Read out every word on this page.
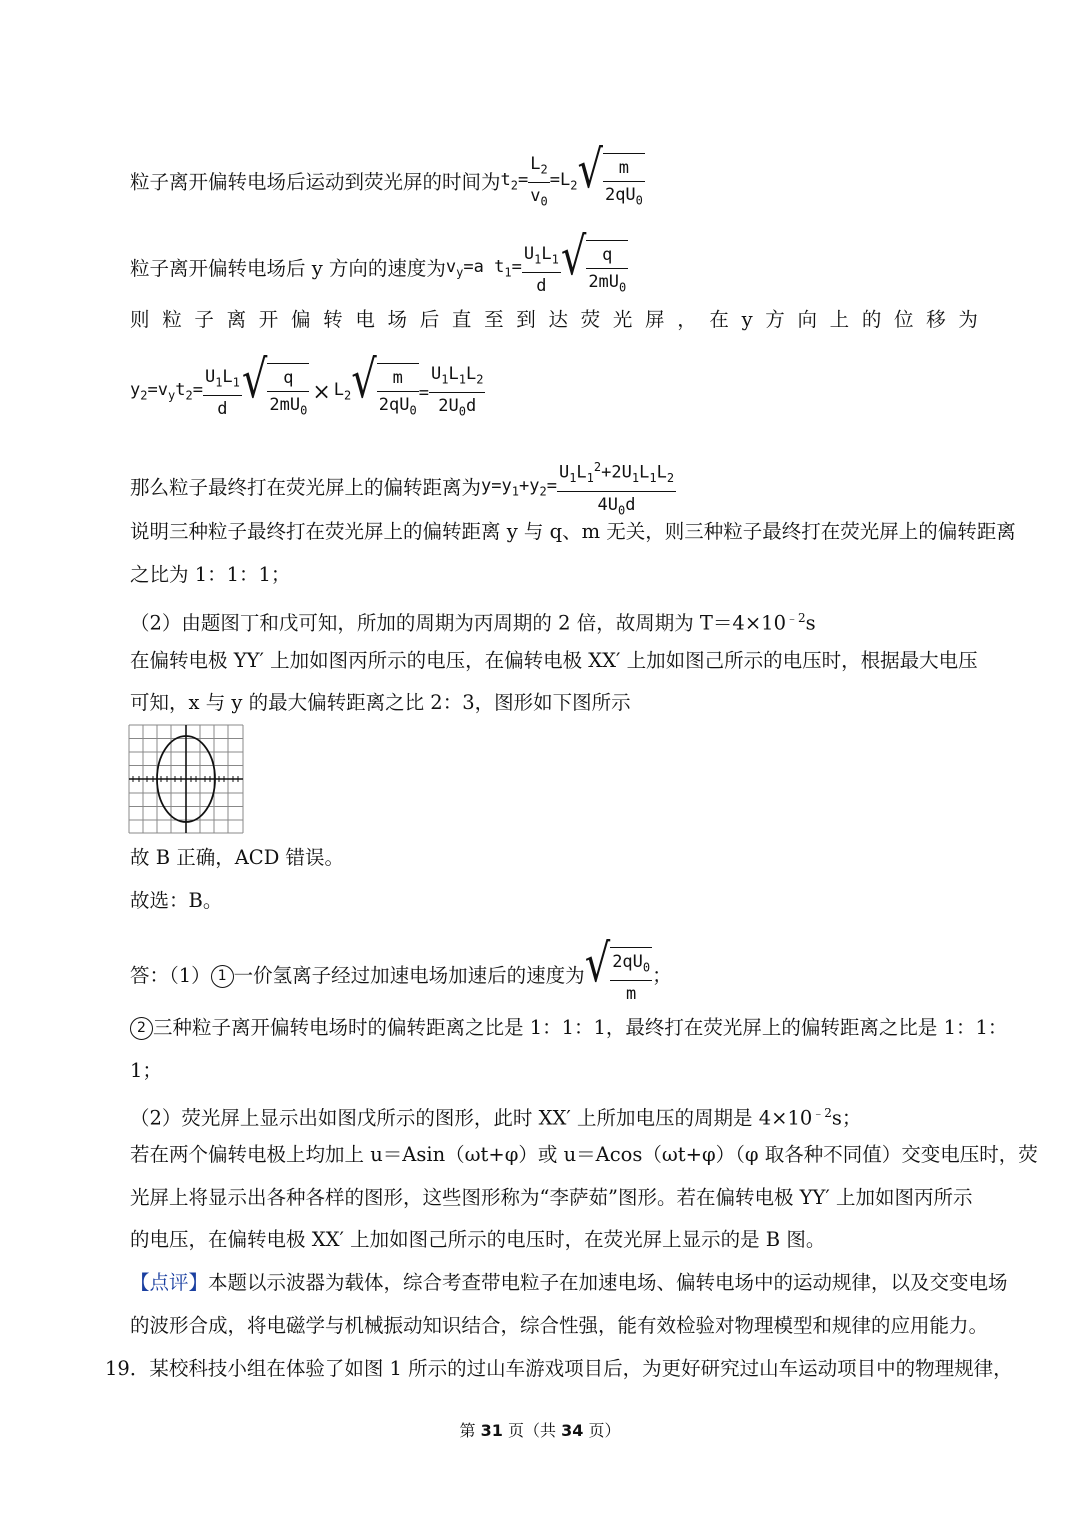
粒子离开偏转电场后运动到荧光屏的时间为$t_2= \frac{L_2}{v_0} =L_2$ √ $\frac{m}{2qU_0}$
粒子离开偏转电场后 y 方向的速度为$v_y=a$ $t_1= \frac{U_1L_1}{d}$ √ $\frac{q}{2mU_0}$
则 粒 子 离 开 偏 转 电 场 后 直 至 到 达 荧 光 屏 ， 在 y 方 向 上 的 位 移 为
$y_2=v_yt_2= \frac{U_1L_1}{d}$ √ $\frac{q}{2mU_0} \times L_2$ √ $\frac{m}{2qU_0} = \frac{U_1L_1L_2}{2U_0d}$
那么粒子最终打在荧光屏上的偏转距离为$y=y_1+y_2= \frac{U_1L_1^2+2U_1L_1L_2}{4U_0d}$
说明三种粒子最终打在荧光屏上的偏转距离 y 与 q、m 无关，则三种粒子最终打在荧光屏上的偏转距离
之比为 1：1：1；
（2）由题图丁和戊可知，所加的周期为丙周期的 2 倍，故周期为 $T=4\times 10^{﹣2}s$
在偏转电极 YY′ 上加如图丙所示的电压，在偏转电极 XX′ 上加如图己所示的电压时，根据最大电压
可知，x 与 y 的最大偏转距离之比 2：3，图形如下图所示
故 B 正确，ACD 错误。
故选：B。
答：（1） 1 一价氢离子经过加速电场加速后的速度为 √ $\frac{2qU_0}{m}$ ；
2 三种粒子离开偏转电场时的偏转距离之比是 1：1：1，最终打在荧光屏上的偏转距离之比是 1：1：
1；
（2）荧光屏上显示出如图戊所示的图形，此时 XX′ 上所加电压的周期是 $4\times 10^{﹣2}s$；
若在两个偏转电极上均加上 u＝Asin（ωt+φ）或 u＝Acos（ωt+φ）（φ 取各种不同值）交变电压时，荧
光屏上将显示出各种各样的图形，这些图形称为“李萨茹”图形。若在偏转电极 YY′ 上加如图丙所示
的电压，在偏转电极 XX′ 上加如图己所示的电压时，在荧光屏上显示的是 B 图。
【点评】本题以示波器为载体，综合考查带电粒子在加速电场、偏转电场中的运动规律，以及交变电场
的波形合成，将电磁学与机械振动知识结合，综合性强，能有效检验对物理模型和规律的应用能力。
19．某校科技小组在体验了如图 1 所示的过山车游戏项目后，为更好研究过山车运动项目中的物理规律，
第 31 页（共 34 页）
